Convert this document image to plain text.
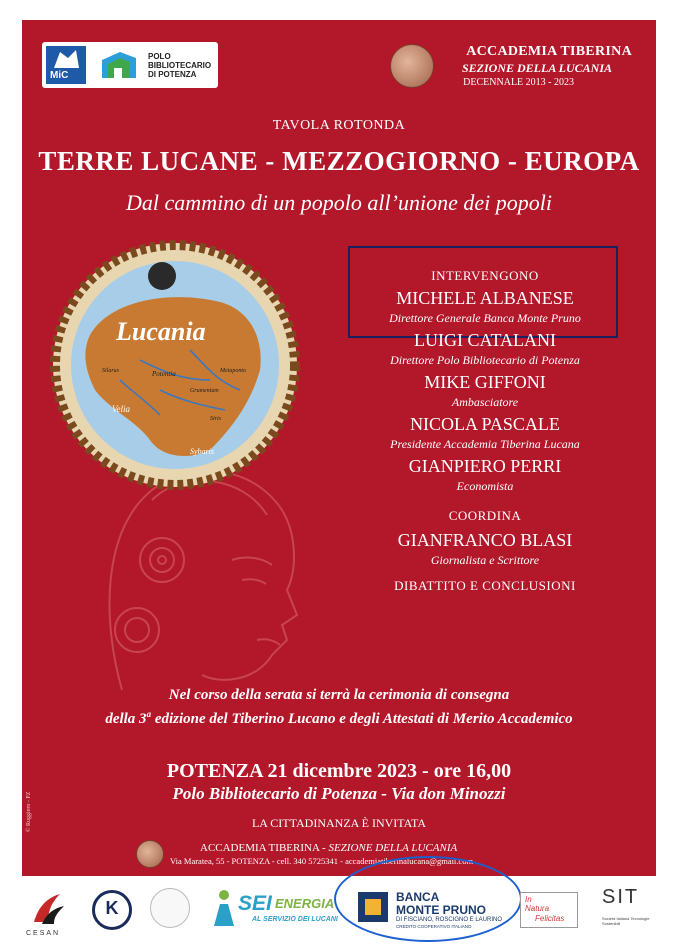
MiC
POLO BIBLIOTECARIO DI POTENZA
ACCADEMIA TIBERINA
SEZIONE DELLA LUCANIA
DECENNALE 2013 - 2023
TAVOLA ROTONDA
TERRE LUCANE - MEZZOGIORNO - EUROPA
Dal cammino di un popolo all’unione dei popoli
Lucania
Potentia
Velia
Grumentum
Metaponto
Sybaris
Siris
Silarus
INTERVENGONO
MICHELE ALBANESE
Direttore Generale Banca Monte Pruno
LUIGI CATALANI
Direttore Polo Bibliotecario di Potenza
MIKE GIFFONI
Ambasciatore
NICOLA PASCALE
Presidente Accademia Tiberina Lucana
GIANPIERO PERRI
Economista
COORDINA
GIANFRANCO BLASI
Giornalista e Scrittore
DIBATTITO E CONCLUSIONI
Nel corso della serata si terrà la cerimonia di consegna
della 3$^a$ edizione del Tiberino Lucano e degli Attestati di Merito Accademico
POTENZA 21 dicembre 2023 - ore 16,00
Polo Bibliotecario di Potenza - Via don Minozzi
LA CITTADINANZA È INVITATA
ACCADEMIA TIBERINA - SEZIONE DELLA LUCANIA
Via Maratea, 55 - POTENZA - cell. 340 5725341 - accademiatiberinalucana@gmail.com
© Ruggiero - PZ
CESAN
K	SEI ENERGIA
AL SERVIZIO DEI LUCANI
BANCA
MONTE PRUNO
DI FISCIANO, ROSCIGNO E LAURINO
CREDITO COOPERATIVO ITALIANO
In
Natura
Felicitas
SIT
Società Italiana Tecnologie Sostenibili
